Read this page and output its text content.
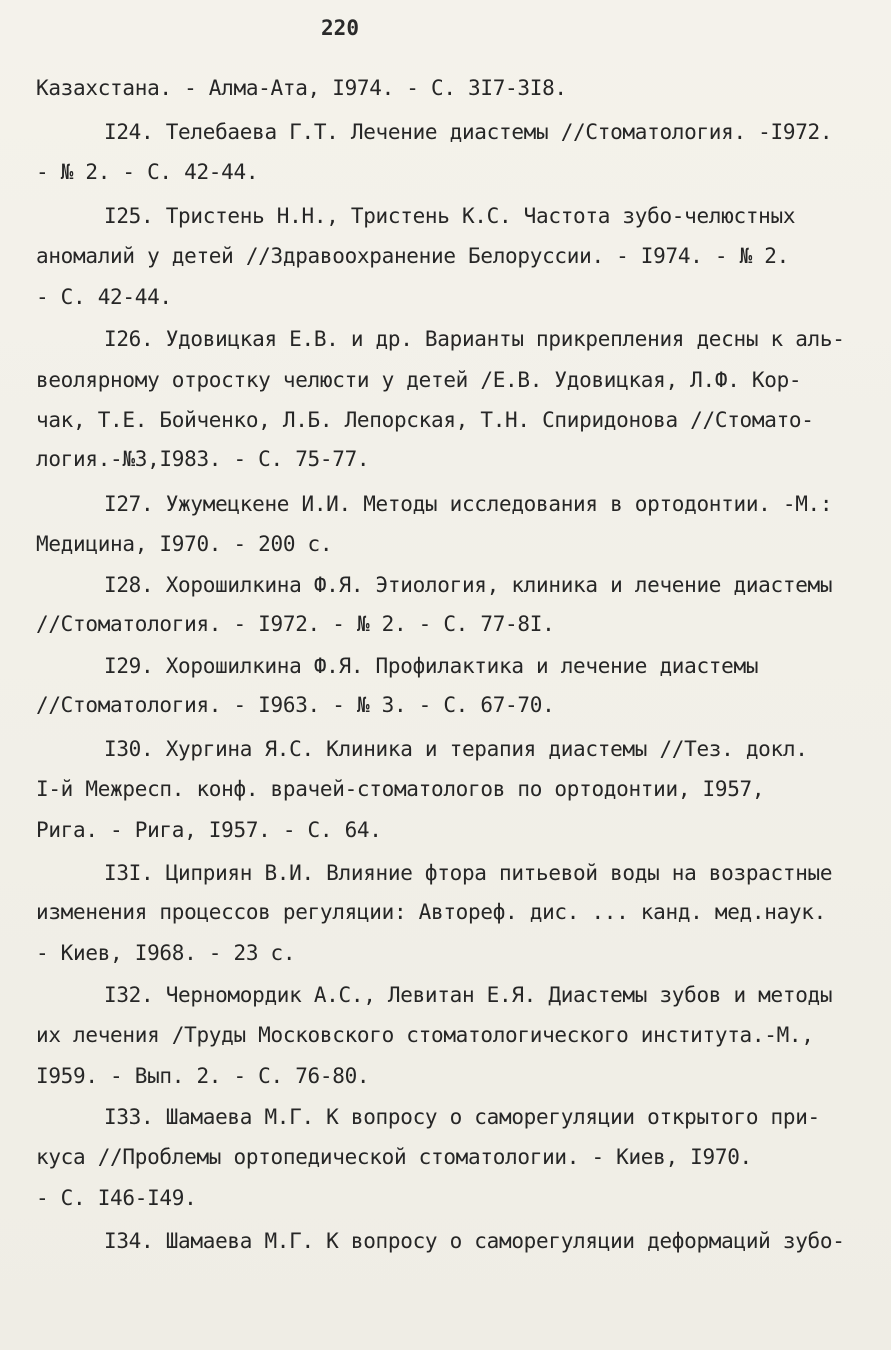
220
Казахстана. - Алма-Ата, I974. - С. 3I7-3I8.
I24. Телебаева Г.Т. Лечение диастемы //Стоматология. -I972.
- № 2. - С. 42-44.
I25. Тристень Н.Н., Тристень К.С. Частота зубо-челюстных
аномалий у детей //Здравоохранение Белоруссии. - I974. - № 2.
- С. 42-44.
I26. Удовицкая Е.В. и др. Варианты прикрепления десны к аль-
веолярному отростку челюсти у детей /Е.В. Удовицкая, Л.Ф. Кор-
чак, Т.Е. Бойченко, Л.Б. Лепорская, Т.Н. Спиридонова //Стомато-
логия.-№3,I983. - С. 75-77.
I27. Ужумецкене И.И. Методы исследования в ортодонтии. -М.:
Медицина, I970. - 200 с.
I28. Хорошилкина Ф.Я. Этиология, клиника и лечение диастемы
//Стоматология. - I972. - № 2. - С. 77-8I.
I29. Хорошилкина Ф.Я. Профилактика и лечение диастемы
//Стоматология. - I963. - № 3. - С. 67-70.
I30. Хургина Я.С. Клиника и терапия диастемы //Тез. докл.
I-й Межресп. конф. врачей-стоматологов по ортодонтии, I957,
Рига. - Рига, I957. - С. 64.
I3I. Циприян В.И. Влияние фтора питьевой воды на возрастные
изменения процессов регуляции: Автореф. дис. ... канд. мед.наук.
- Киев, I968. - 23 с.
I32. Черномордик А.С., Левитан Е.Я. Диастемы зубов и методы
их лечения /Труды Московского стоматологического института.-М.,
I959. - Вып. 2. - С. 76-80.
I33. Шамаева М.Г. К вопросу о саморегуляции открытого при-
куса //Проблемы ортопедической стоматологии. - Киев, I970.
- С. I46-I49.
I34. Шамаева М.Г. К вопросу о саморегуляции деформаций зубо-
